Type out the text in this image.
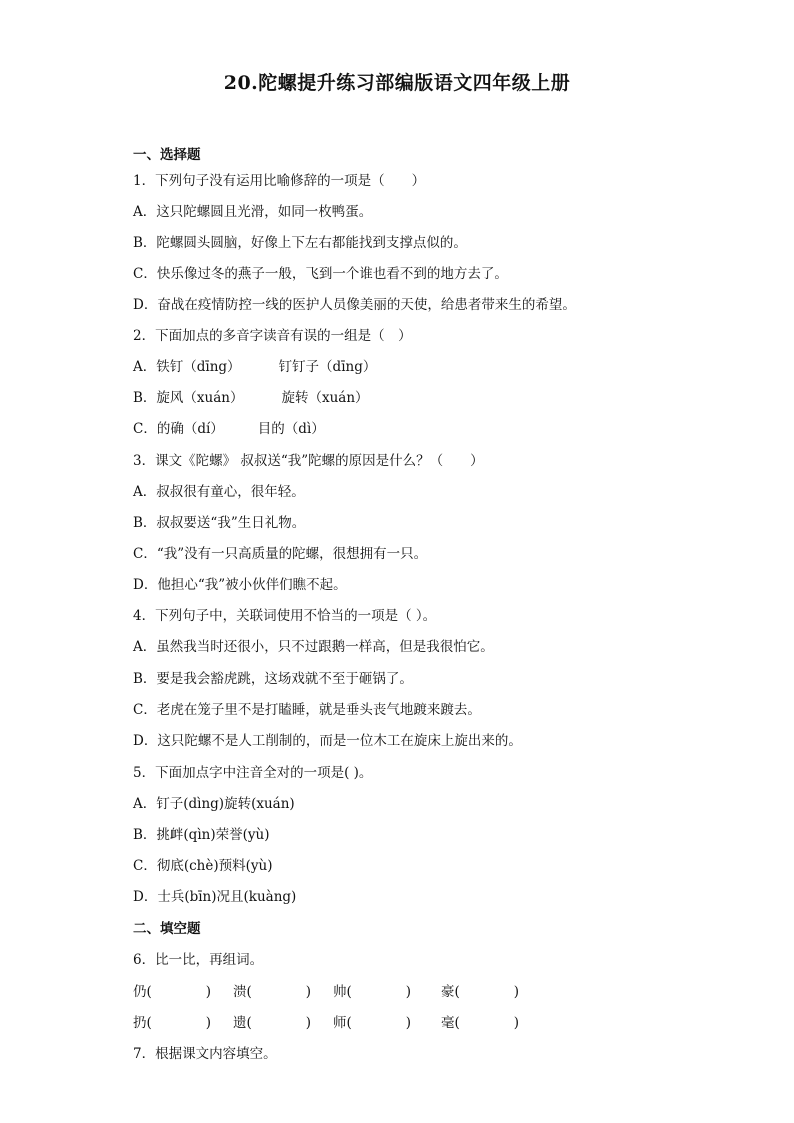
20.陀螺提升练习部编版语文四年级上册
一、选择题
1．下列句子没有运用比喻修辞的一项是（　　）
A．这只陀螺圆且光滑，如同一枚鸭蛋。
B．陀螺圆头圆脑，好像上下左右都能找到支撑点似的。
C．快乐像过冬的燕子一般，飞到一个谁也看不到的地方去了。
D．奋战在疫情防控一线的医护人员像美丽的天使，给患者带来生的希望。
2．下面加点的多音字读音有误的一组是（　）
A．铁钉（dīng）	钉钉子（dīng）
B．旋风（xuán）	旋转（xuán）
C．的确（dí）	目的（dì）
3．课文《陀螺》 叔叔送“我”陀螺的原因是什么？（　　）
A．叔叔很有童心，很年轻。
B．叔叔要送“我”生日礼物。
C．“我”没有一只高质量的陀螺，很想拥有一只。
D．他担心“我”被小伙伴们瞧不起。
4．下列句子中，关联词使用不恰当的一项是（ ）。
A．虽然我当时还很小，只不过跟鹅一样高，但是我很怕它。
B．要是我会豁虎跳，这场戏就不至于砸锅了。
C．老虎在笼子里不是打瞌睡，就是垂头丧气地踱来踱去。
D．这只陀螺不是人工削制的，而是一位木工在旋床上旋出来的。
5．下面加点字中注音全对的一项是( )。
A．钉子(dìng)旋转(xuán)
B．挑衅(qìn)荣誉(yù)
C．彻底(chè)预料(yù)
D．士兵(bīn)况且(kuàng)
二、填空题
6．比一比，再组词。
仍(　　　　) 溃(　　　　) 帅(　　　　) 豪(　　　　)
扔(　　　　) 遗(　　　　) 师(　　　　) 毫(　　　　)
7．根据课文内容填空。
